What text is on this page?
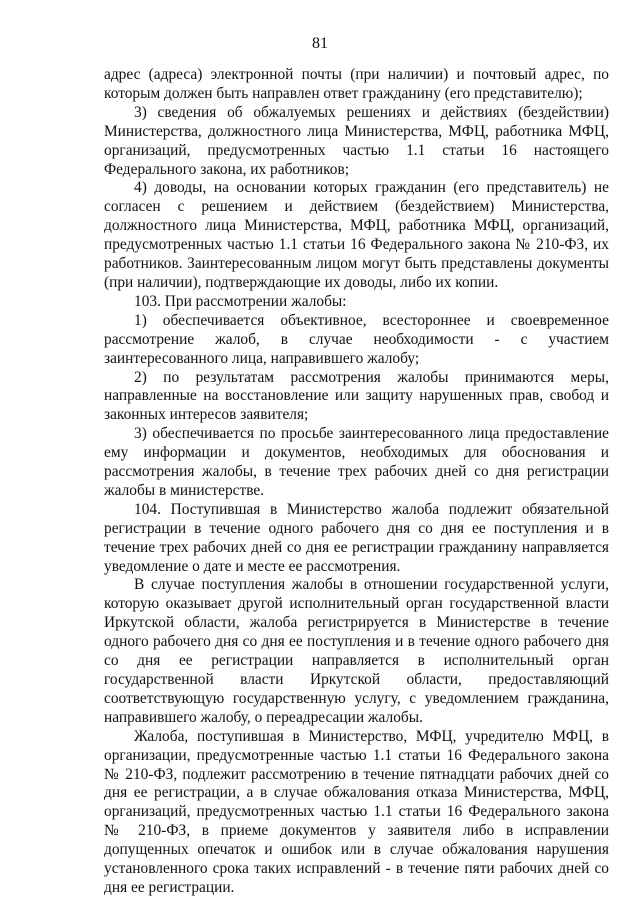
81

адрес (адреса) электронной почты (при наличии) и почтовый адрес, по которым должен быть направлен ответ гражданину (его представителю);

3) сведения об обжалуемых решениях и действиях (бездействии) Министерства, должностного лица Министерства, МФЦ, работника МФЦ, организаций, предусмотренных частью 1.1 статьи 16 настоящего Федерального закона, их работников;

4) доводы, на основании которых гражданин (его представитель) не согласен с решением и действием (бездействием) Министерства, должностного лица Министерства, МФЦ, работника МФЦ, организаций, предусмотренных частью 1.1 статьи 16 Федерального закона № 210-ФЗ, их работников. Заинтересованным лицом могут быть представлены документы (при наличии), подтверждающие их доводы, либо их копии.

103. При рассмотрении жалобы:

1) обеспечивается объективное, всестороннее и своевременное рассмотрение жалоб, в случае необходимости - с участием заинтересованного лица, направившего жалобу;

2) по результатам рассмотрения жалобы принимаются меры, направленные на восстановление или защиту нарушенных прав, свобод и законных интересов заявителя;

3) обеспечивается по просьбе заинтересованного лица предоставление ему информации и документов, необходимых для обоснования и рассмотрения жалобы, в течение трех рабочих дней со дня регистрации жалобы в министерстве.

104. Поступившая в Министерство жалоба подлежит обязательной регистрации в течение одного рабочего дня со дня ее поступления и в течение трех рабочих дней со дня ее регистрации гражданину направляется уведомление о дате и месте ее рассмотрения.

В случае поступления жалобы в отношении государственной услуги, которую оказывает другой исполнительный орган государственной власти Иркутской области, жалоба регистрируется в Министерстве в течение одного рабочего дня со дня ее поступления и в течение одного рабочего дня со дня ее регистрации направляется в исполнительный орган государственной власти Иркутской области, предоставляющий соответствующую государственную услугу, с уведомлением гражданина, направившего жалобу, о переадресации жалобы.

Жалоба, поступившая в Министерство, МФЦ, учредителю МФЦ, в организации, предусмотренные частью 1.1 статьи 16 Федерального закона № 210-ФЗ, подлежит рассмотрению в течение пятнадцати рабочих дней со дня ее регистрации, а в случае обжалования отказа Министерства, МФЦ, организаций, предусмотренных частью 1.1 статьи 16 Федерального закона № 210-ФЗ, в приеме документов у заявителя либо в исправлении допущенных опечаток и ошибок или в случае обжалования нарушения установленного срока таких исправлений - в течение пяти рабочих дней со дня ее регистрации.
